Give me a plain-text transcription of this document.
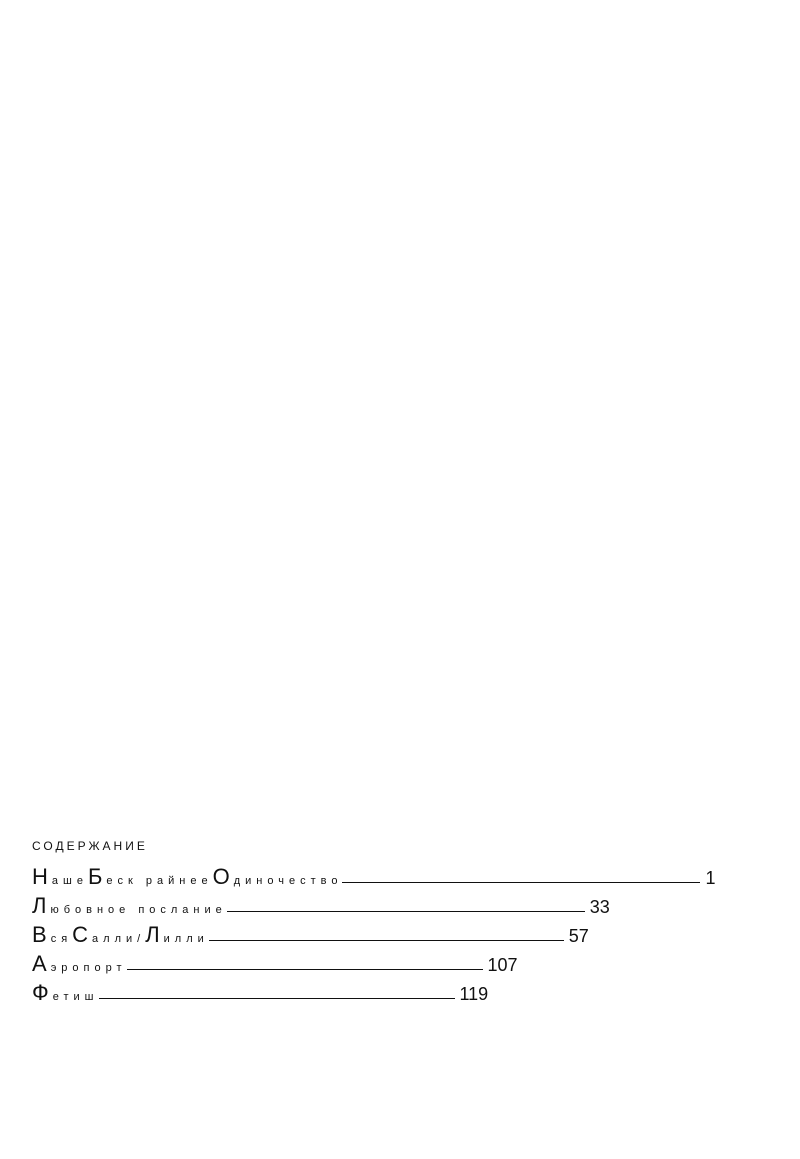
СОДЕРЖАНИЕ
Н аше Б еск райнее О диночество	1
Л юбовное послание	33
В ся С алли/ Л илли	57
А эропорт	107
Ф етиш	119
